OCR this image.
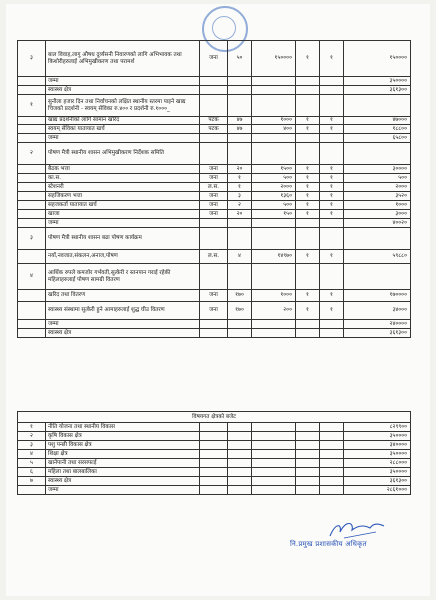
३	बाल विवाह,लागु औषध दुर्व्यसनी निवारणको लागि अभिभावक तथा किशोरीहरुलाई अभिमुखीकरण तथा परामर्श	जना	५०	१५००००	१	१	१५००००
	जम्मा						३५००००
	स्वास्थ्य क्षेत्र						३६१३००
१	सुनौला हजार दिन तथा निर्वाचनको लक्षित स्थानीय स्तरमा पाइने खाद्य चिजको प्रदर्शनी - स्वयम् सेविका रु.४०० र प्रदर्शनी रु.१०००_						
	खाद्य प्रदर्शनीको लागि सामान खरिद	पटक	४७	१०००	१	१	४७०००
	स्वयम् सेविका यातायात खर्च	पटक	४७	४००	१	१	१८८००
	जम्मा						६५८००
२	पोषण मैत्री स्थानीय शासन अभिमुखीकरण निर्देशक समिति						
	बैठक भत्ता	जना	२०	१५००	१	१	३००००
	का.स.	जना	१	५००	१	१	५००
	स्टेशनरी	ल.स.	१	२०००	१	१	२०००
	सहजिकरण भत्ता	जना	३	१३६०	१	१	३५२०
	सहजकर्ता यातायात खर्च	जना	२	५००	१	१	१०००
	खाजा	जना	२०	१५०	१	१	३०००
	जम्मा						४००२०
३	पोषण मैत्री स्थानीय शासन बढा पोषण कार्यक्रम						
	नयाँ,नवजात,संकलन,अनाज,पोषण	ल.स.	४	१४९७०	१	१	५९८८०
४	आर्थिक रुपले कमजोर गर्भवती,सुत्केरी र स्तनपान गराई रहेकी महिलाहरुलाई पोषण सामग्री वितरण						
	खरिद तथा वितरण	जना	१७०	१०००	१	१	१७००००
	स्वास्थ्य संस्थामा सुत्केरी हुने आमाहरुलाई शुद्ध घीउ वितरण	जना	१७०	२००	१	१	३४०००
	जम्मा						२४००००
	स्वास्थ्य क्षेत्र						३६१३००
विषयगत क्षेत्रको बजेट							
१	नीति योजना तथा स्थानीय विकास						८२९९००
२	कृषि विकास क्षेत्र						३५००००
३	पशु पन्छी विकास क्षेत्र						३४००००
४	शिक्षा क्षेत्र						३५००००
५	खानेपानी तथा सरसफाई						२८८०००
६	महिला तथा बालबालिका						३५००००
७	स्वास्थ्य क्षेत्र						३६१३००
	जम्मा						२८६१०००
नि.प्रमुख प्रशासकीय अधिकृत
